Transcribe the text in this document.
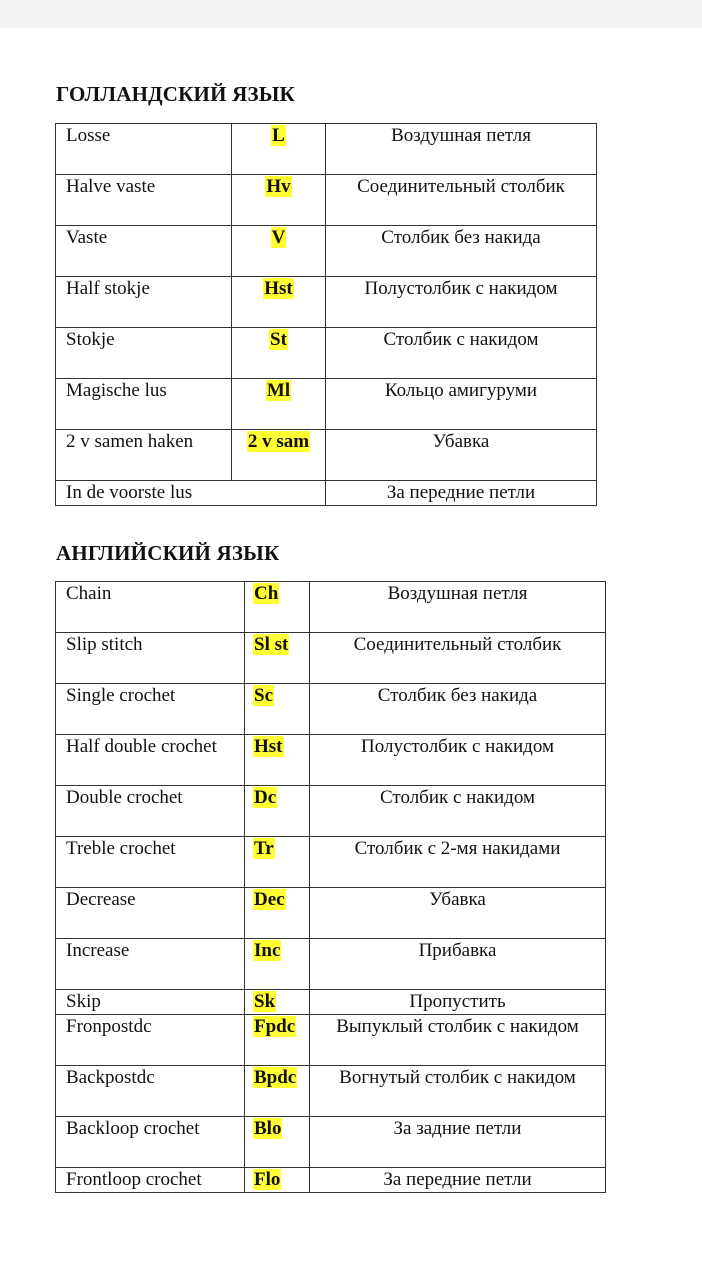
ГОЛЛАНДСКИЙ ЯЗЫК
Losse	L	Воздушная петля
Halve vaste	Hv	Соединительный столбик
Vaste	V	Столбик без накида
Half stokje	Hst	Полустолбик с накидом
Stokje	St	Столбик с накидом
Magische lus	Ml	Кольцо амигуруми
2 v samen haken	2 v sam	Убавка
In de voorste lus		За передние петли
АНГЛИЙСКИЙ ЯЗЫК
Chain	Ch	Воздушная петля
Slip stitch	Sl st	Соединительный столбик
Single crochet	Sc	Столбик без накида
Half double crochet	Hst	Полустолбик с накидом
Double crochet	Dc	Столбик с накидом
Treble crochet	Tr	Столбик с 2-мя накидами
Decrease	Dec	Убавка
Increase	Inc	Прибавка
Skip	Sk	Пропустить
Fronpostdc	Fpdc	Выпуклый столбик с накидом
Backpostdc	Bpdc	Вогнутый столбик с накидом
Backloop crochet	Blo	За задние петли
Frontloop crochet	Flo	За передние петли
